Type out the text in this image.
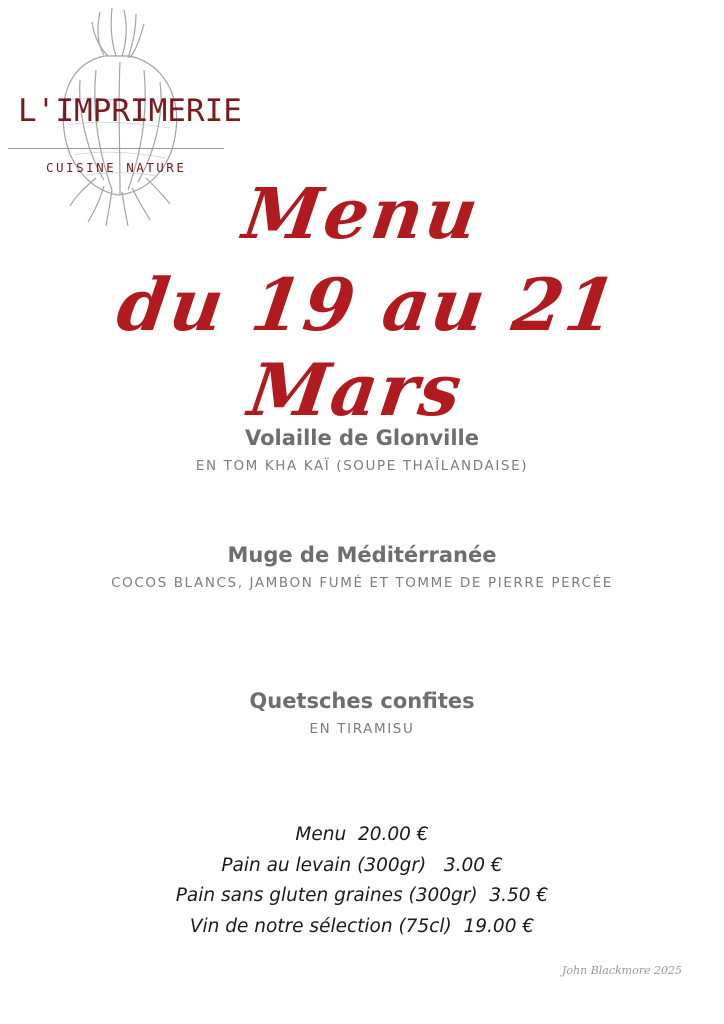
L'IMPRIMERIE
CUISINE NATURE
Menu
du 19 au 21 Mars
Volaille de Glonville
EN TOM KHA KAÏ (SOUPE THAÎLANDAISE)
Muge de Méditérranée
COCOS BLANCS, JAMBON FUMÉ ET TOMME DE PIERRE PERCÉE
Quetsches confites
EN TIRAMISU
Menu  20.00 €
Pain au levain (300gr)   3.00 €
Pain sans gluten graines (300gr)  3.50 €
Vin de notre sélection (75cl)  19.00 €
John Blackmore 2025
